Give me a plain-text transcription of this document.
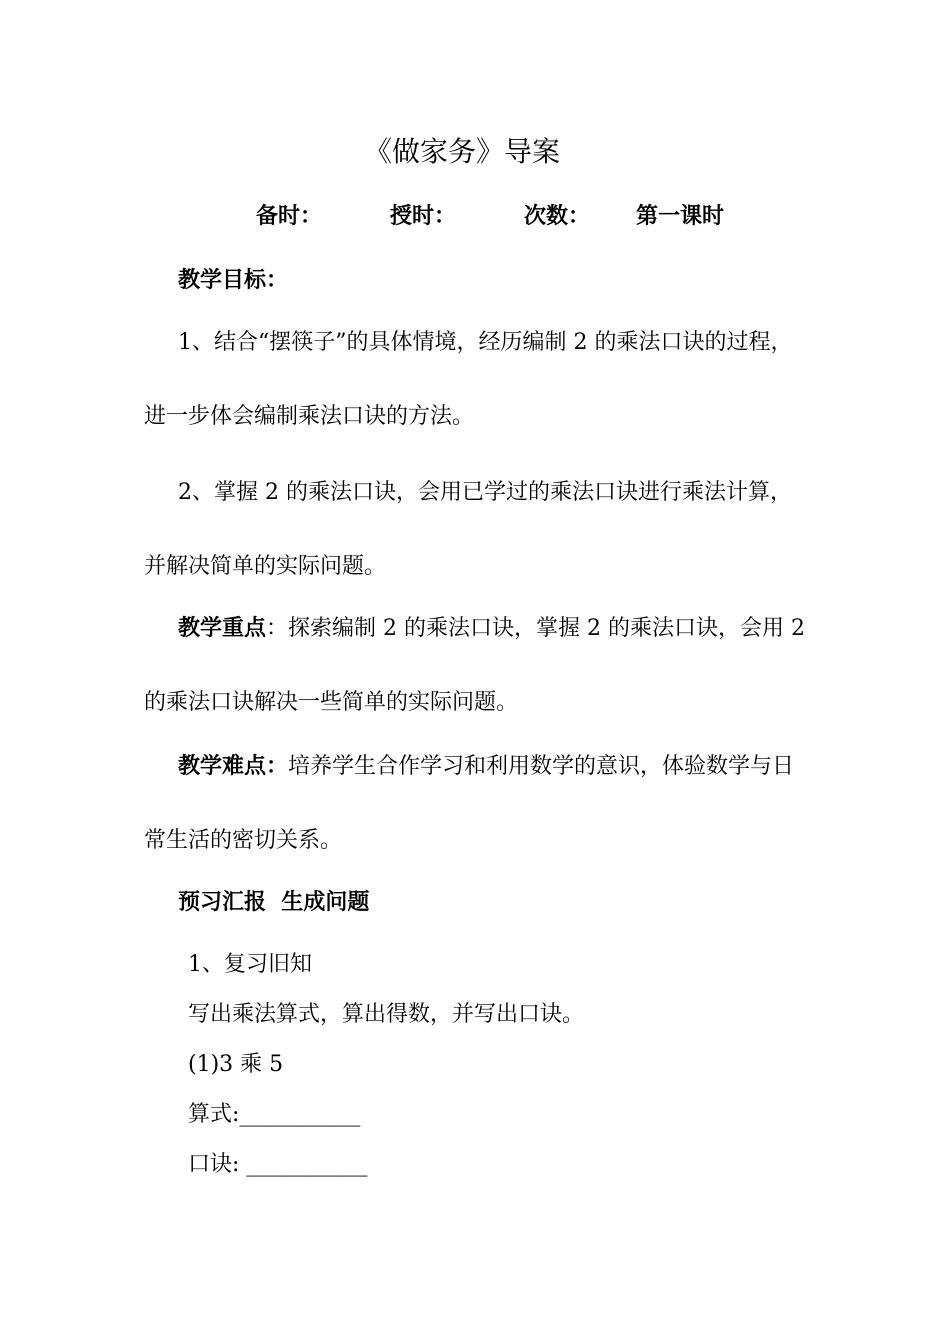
《做家务》导案
备时：	授时：	次数： 第一课时
教学目标：
1、结合“摆筷子”的具体情境，经历编制 2 的乘法口诀的过程，
进一步体会编制乘法口诀的方法。
2、掌握 2 的乘法口诀，会用已学过的乘法口诀进行乘法计算，
并解决简单的实际问题。
教学重点：探索编制 2 的乘法口诀，掌握 2 的乘法口诀，会用 2
的乘法口诀解决一些简单的实际问题。
教学难点：培养学生合作学习和利用数学的意识，体验数学与日
常生活的密切关系。
预习汇报  生成问题
1、复习旧知
写出乘法算式，算出得数，并写出口诀。
(1)3 乘 5
算式:___________
口诀: ___________
